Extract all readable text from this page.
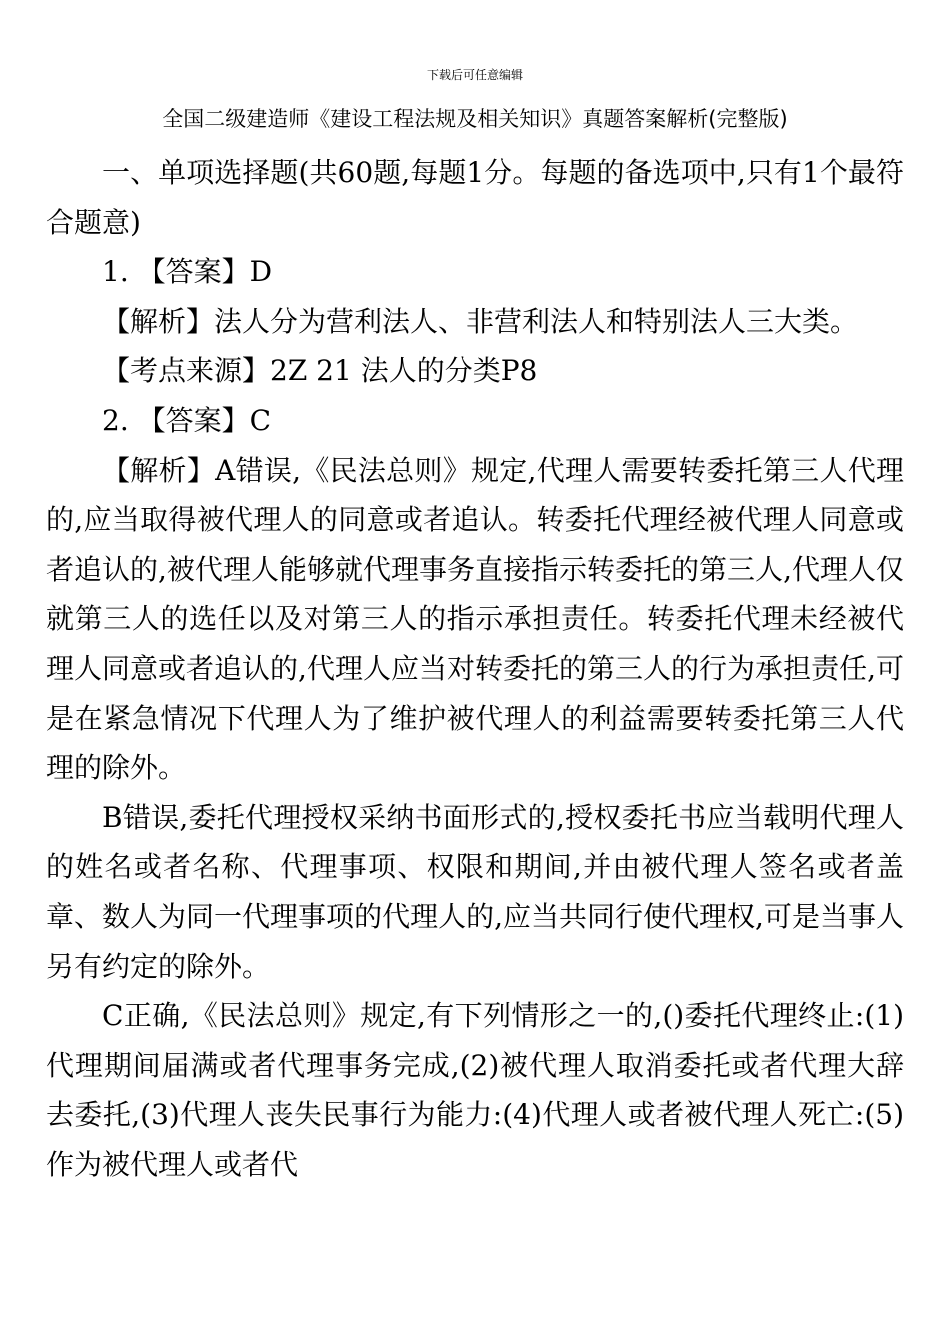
下载后可任意编辑
全国二级建造师《建设工程法规及相关知识》真题答案解析(完整版)

一、单项选择题(共60题,每题1分。每题的备选项中,只有1个最符合题意)

1. 【答案】D

【解析】法人分为营利法人、非营利法人和特别法人三大类。

【考点来源】2Z 21 法人的分类P8

2. 【答案】C

【解析】A错误,《民法总则》规定,代理人需要转委托第三人代理的,应当取得被代理人的同意或者追认。转委托代理经被代理人同意或者追认的,被代理人能够就代理事务直接指示转委托的第三人,代理人仅就第三人的选任以及对第三人的指示承担责任。转委托代理未经被代理人同意或者追认的,代理人应当对转委托的第三人的行为承担责任,可是在紧急情况下代理人为了维护被代理人的利益需要转委托第三人代理的除外。

B错误,委托代理授权采纳书面形式的,授权委托书应当载明代理人的姓名或者名称、代理事项、权限和期间,并由被代理人签名或者盖章、数人为同一代理事项的代理人的,应当共同行使代理权,可是当事人另有约定的除外。

C正确,《民法总则》规定,有下列情形之一的,()委托代理终止:(1)代理期间届满或者代理事务完成,(2)被代理人取消委托或者代理大辞去委托,(3)代理人丧失民事行为能力:(4)代理人或者被代理人死亡:(5)作为被代理人或者代
